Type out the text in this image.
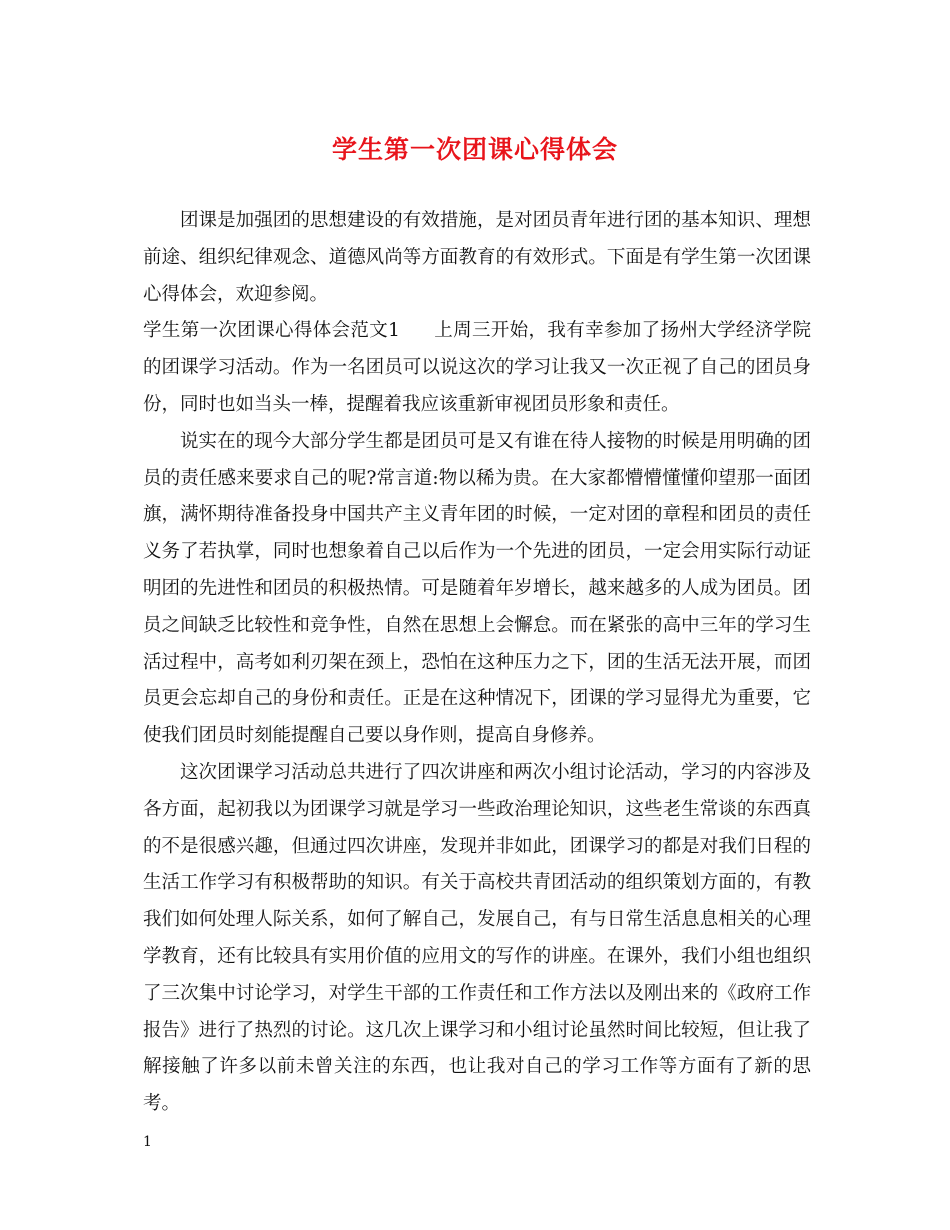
学生第一次团课心得体会

团课是加强团的思想建设的有效措施，是对团员青年进行团的基本知识、理想前途、组织纪律观念、道德风尚等方面教育的有效形式。下面是有学生第一次团课心得体会，欢迎参阅。

学生第一次团课心得体会范文1 上周三开始，我有幸参加了扬州大学经济学院的团课学习活动。作为一名团员可以说这次的学习让我又一次正视了自己的团员身份，同时也如当头一棒，提醒着我应该重新审视团员形象和责任。

说实在的现今大部分学生都是团员可是又有谁在待人接物的时候是用明确的团员的责任感来要求自己的呢?常言道:物以稀为贵。在大家都懵懵懂懂仰望那一面团旗，满怀期待准备投身中国共产主义青年团的时候，一定对团的章程和团员的责任义务了若执掌，同时也想象着自己以后作为一个先进的团员，一定会用实际行动证明团的先进性和团员的积极热情。可是随着年岁增长，越来越多的人成为团员。团员之间缺乏比较性和竞争性，自然在思想上会懈怠。而在紧张的高中三年的学习生活过程中，高考如利刃架在颈上，恐怕在这种压力之下，团的生活无法开展，而团员更会忘却自己的身份和责任。正是在这种情况下，团课的学习显得尤为重要，它使我们团员时刻能提醒自己要以身作则，提高自身修养。

这次团课学习活动总共进行了四次讲座和两次小组讨论活动，学习的内容涉及各方面，起初我以为团课学习就是学习一些政治理论知识，这些老生常谈的东西真的不是很感兴趣，但通过四次讲座，发现并非如此，团课学习的都是对我们日程的生活工作学习有积极帮助的知识。有关于高校共青团活动的组织策划方面的，有教我们如何处理人际关系，如何了解自己，发展自己，有与日常生活息息相关的心理学教育，还有比较具有实用价值的应用文的写作的讲座。在课外，我们小组也组织了三次集中讨论学习，对学生干部的工作责任和工作方法以及刚出来的《政府工作报告》进行了热烈的讨论。这几次上课学习和小组讨论虽然时间比较短，但让我了解接触了许多以前未曾关注的东西，也让我对自己的学习工作等方面有了新的思考。

1
